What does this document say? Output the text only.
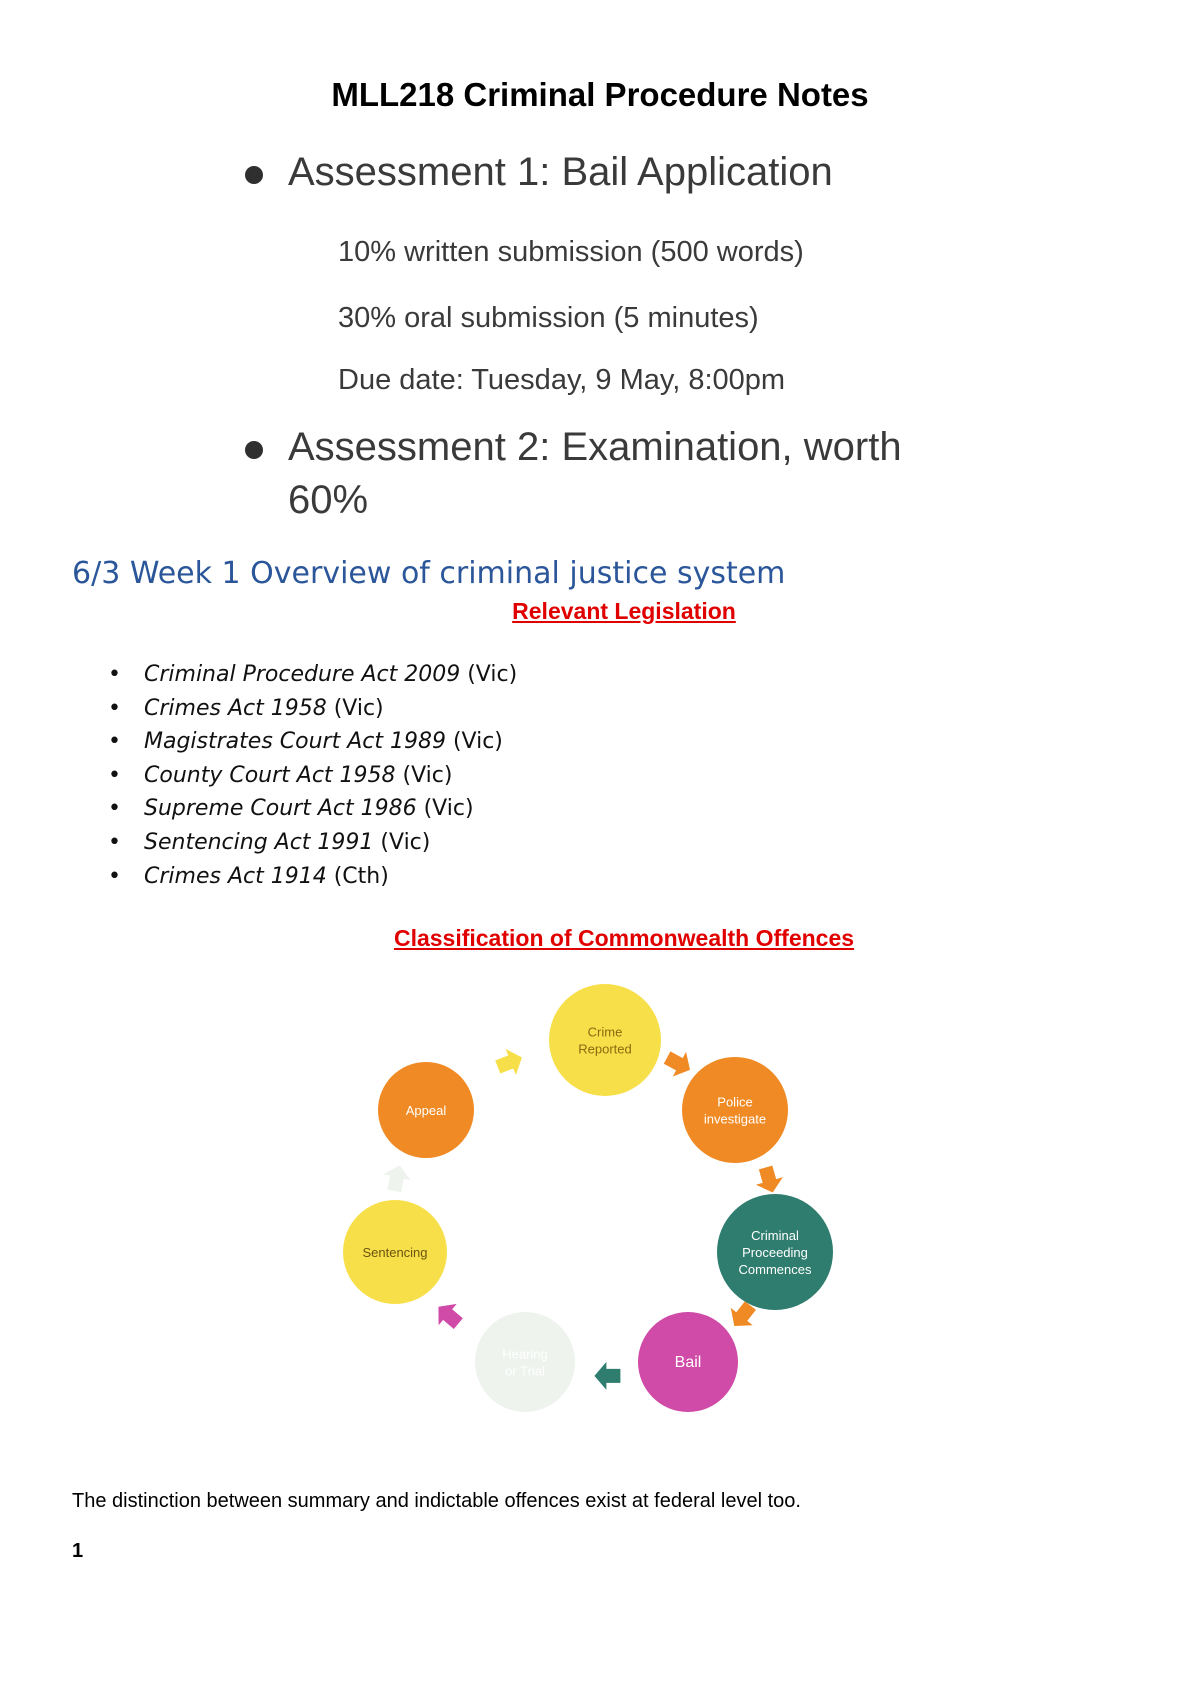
MLL218 Criminal Procedure Notes
Assessment 1: Bail Application
10% written submission (500 words)
30% oral submission (5 minutes)
Due date: Tuesday, 9 May, 8:00pm
Assessment 2: Examination, worth
60%
6/3 Week 1 Overview of criminal justice system
Relevant Legislation
• Criminal Procedure Act 2009 (Vic)
• Crimes Act 1958 (Vic)
• Magistrates Court Act 1989 (Vic)
• County Court Act 1958 (Vic)
• Supreme Court Act 1986 (Vic)
• Sentencing Act 1991 (Vic)
• Crimes Act 1914 (Cth)
Classification of Commonwealth Offences
Crime
Reported
Police
investigate
Criminal
Proceeding
Commences
Bail
Hearing
or Trial
Sentencing
Appeal
The distinction between summary and indictable offences exist at federal level too.
1
